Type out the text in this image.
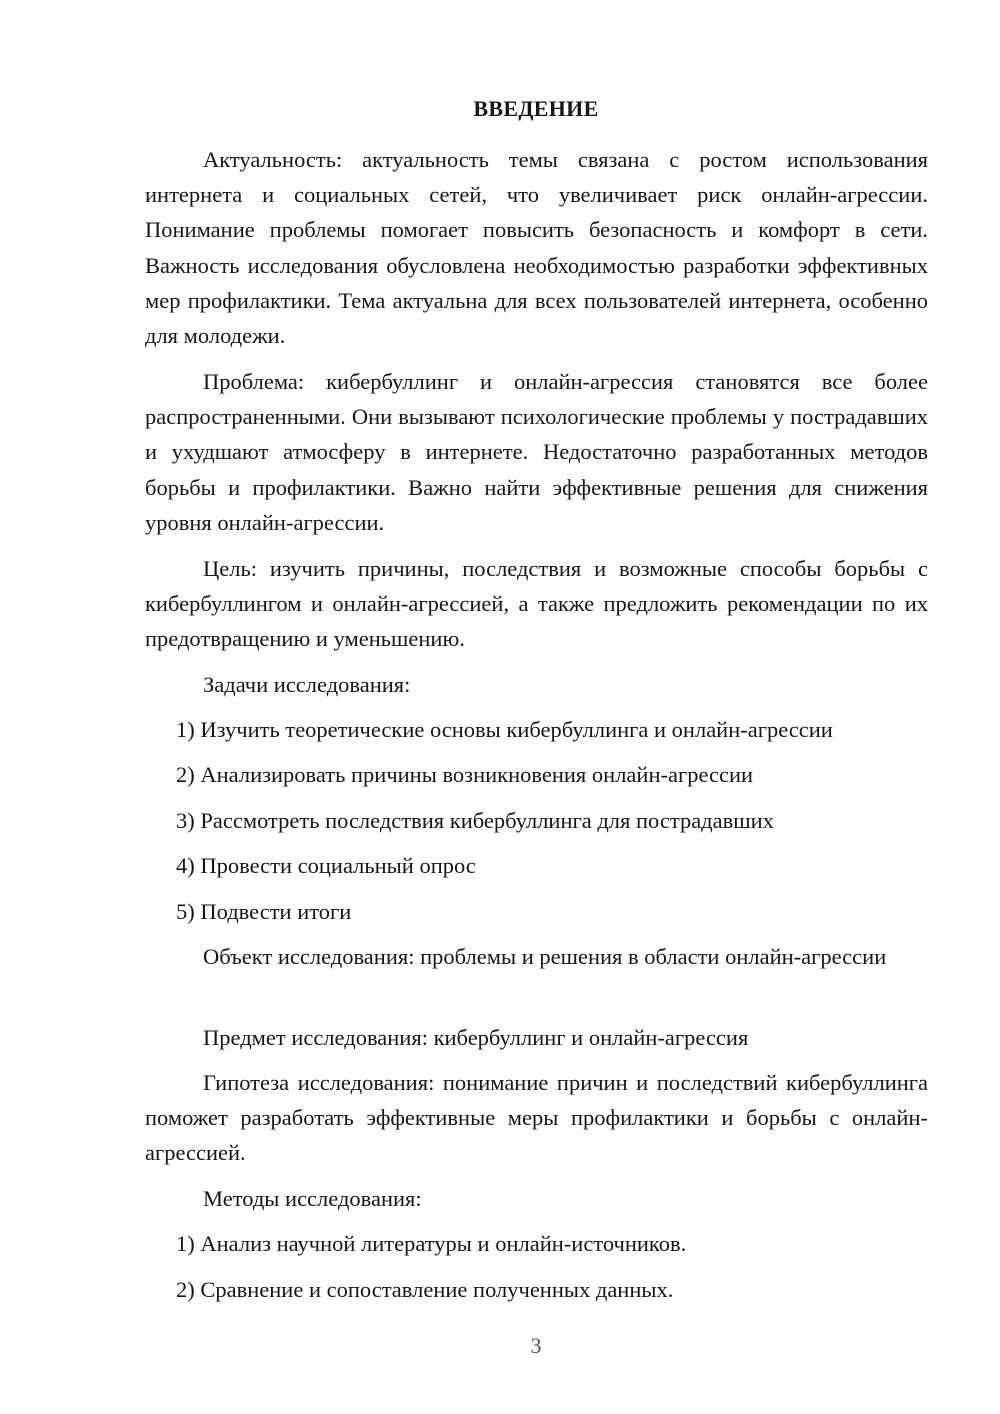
ВВЕДЕНИЕ

Актуальность: актуальность темы связана с ростом использования интернета и социальных сетей, что увеличивает риск онлайн-агрессии. Понимание проблемы помогает повысить безопасность и комфорт в сети. Важность исследования обусловлена необходимостью разработки эффективных мер профилактики. Тема актуальна для всех пользователей интернета, особенно для молодежи.

Проблема: кибербуллинг и онлайн-агрессия становятся все более распространенными. Они вызывают психологические проблемы у пострадавших и ухудшают атмосферу в интернете. Недостаточно разработанных методов борьбы и профилактики. Важно найти эффективные решения для снижения уровня онлайн-агрессии.

Цель: изучить причины, последствия и возможные способы борьбы с кибербуллингом и онлайн-агрессией, а также предложить рекомендации по их предотвращению и уменьшению.

Задачи исследования:

1) Изучить теоретические основы кибербуллинга и онлайн-агрессии

2) Анализировать причины возникновения онлайн-агрессии

3) Рассмотреть последствия кибербуллинга для пострадавших

4) Провести социальный опрос

5) Подвести итоги

Объект исследования: проблемы и решения в области онлайн-агрессии

Предмет исследования: кибербуллинг и онлайн-агрессия

Гипотеза исследования: понимание причин и последствий кибербуллинга поможет разработать эффективные меры профилактики и борьбы с онлайн-агрессией.

Методы исследования:

1) Анализ научной литературы и онлайн-источников.

2) Сравнение и сопоставление полученных данных.

3
